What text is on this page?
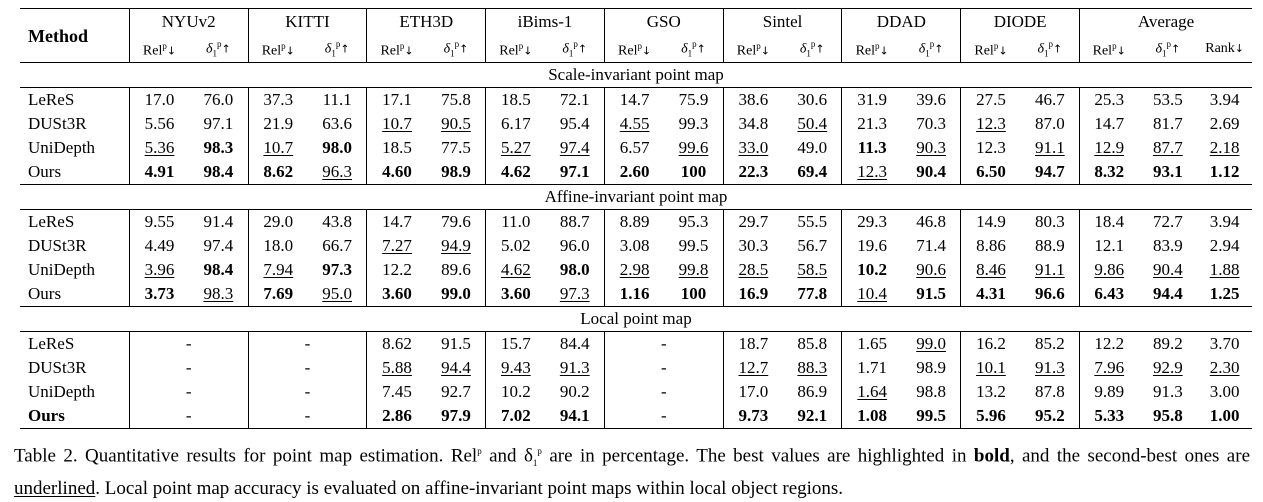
Method	NYUv2		KITTI		ETH3D		iBims-1		GSO		Sintel		DDAD		DIODE		Average		
	Rel$^p$↓	$\delta_1^p↑$	Rel$^p$↓	$\delta_1^p↑$	Rel$^p$↓	$\delta_1^p↑$	Rel$^p$↓	$\delta_1^p↑$	Rel$^p$↓	$\delta_1^p↑$	Rel$^p$↓	$\delta_1^p↑$	Rel$^p$↓	$\delta_1^p↑$	Rel$^p$↓	$\delta_1^p↑$	Rel$^p$↓	$\delta_1^p↑$	Rank↓
Scale-invariant point map																			
LeReS	17.0	76.0	37.3	11.1	17.1	75.8	18.5	72.1	14.7	75.9	38.6	30.6	31.9	39.6	27.5	46.7	25.3	53.5	3.94
DUSt3R	5.56	97.1	21.9	63.6	10.7	90.5	6.17	95.4	4.55	99.3	34.8	50.4	21.3	70.3	12.3	87.0	14.7	81.7	2.69
UniDepth	5.36	98.3	10.7	98.0	18.5	77.5	5.27	97.4	6.57	99.6	33.0	49.0	11.3	90.3	12.3	91.1	12.9	87.7	2.18
Ours	4.91	98.4	8.62	96.3	4.60	98.9	4.62	97.1	2.60	100	22.3	69.4	12.3	90.4	6.50	94.7	8.32	93.1	1.12
Affine-invariant point map																			
LeReS	9.55	91.4	29.0	43.8	14.7	79.6	11.0	88.7	8.89	95.3	29.7	55.5	29.3	46.8	14.9	80.3	18.4	72.7	3.94
DUSt3R	4.49	97.4	18.0	66.7	7.27	94.9	5.02	96.0	3.08	99.5	30.3	56.7	19.6	71.4	8.86	88.9	12.1	83.9	2.94
UniDepth	3.96	98.4	7.94	97.3	12.2	89.6	4.62	98.0	2.98	99.8	28.5	58.5	10.2	90.6	8.46	91.1	9.86	90.4	1.88
Ours	3.73	98.3	7.69	95.0	3.60	99.0	3.60	97.3	1.16	100	16.9	77.8	10.4	91.5	4.31	96.6	6.43	94.4	1.25
Local point map																			
LeReS	-		-		8.62	91.5	15.7	84.4	-		18.7	85.8	1.65	99.0	16.2	85.2	12.2	89.2	3.70
DUSt3R	-		-		5.88	94.4	9.43	91.3	-		12.7	88.3	1.71	98.9	10.1	91.3	7.96	92.9	2.30
UniDepth	-		-		7.45	92.7	10.2	90.2	-		17.0	86.9	1.64	98.8	13.2	87.8	9.89	91.3	3.00
Ours	-		-		2.86	97.9	7.02	94.1	-		9.73	92.1	1.08	99.5	5.96	95.2	5.33	95.8	1.00
Table 2. Quantitative results for point map estimation. Rel$^p$ and $\delta_1^p$ are in percentage. The best values are highlighted in bold, and the second-best ones are underlined. Local point map accuracy is evaluated on affine-invariant point maps within local object regions.
